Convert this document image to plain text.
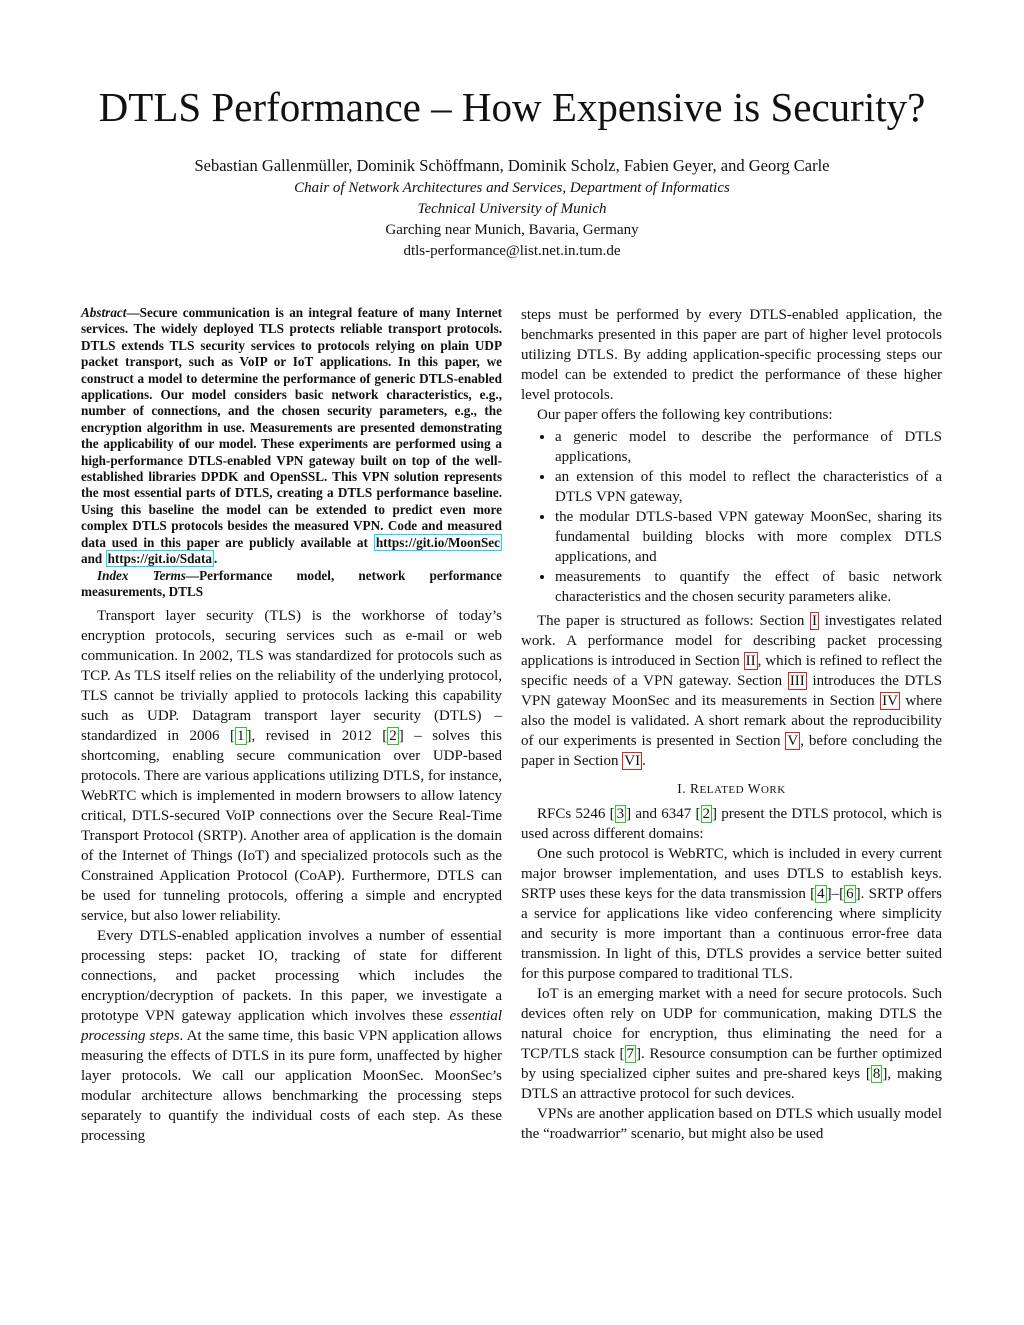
DTLS Performance – How Expensive is Security?
Sebastian Gallenmüller, Dominik Schöffmann, Dominik Scholz, Fabien Geyer, and Georg Carle
Chair of Network Architectures and Services, Department of Informatics
Technical University of Munich
Garching near Munich, Bavaria, Germany
dtls-performance@list.net.in.tum.de

Abstract—Secure communication is an integral feature of many Internet services. The widely deployed TLS protects reliable transport protocols. DTLS extends TLS security services to protocols relying on plain UDP packet transport, such as VoIP or IoT applications. In this paper, we construct a model to determine the performance of generic DTLS-enabled applications. Our model considers basic network characteristics, e.g., number of connections, and the chosen security parameters, e.g., the encryption algorithm in use. Measurements are presented demonstrating the applicability of our model. These experiments are performed using a high-performance DTLS-enabled VPN gateway built on top of the well-established libraries DPDK and OpenSSL. This VPN solution represents the most essential parts of DTLS, creating a DTLS performance baseline. Using this baseline the model can be extended to predict even more complex DTLS protocols besides the measured VPN. Code and measured data used in this paper are publicly available at https://git.io/MoonSec and https://git.io/Sdata .

Index Terms—Performance model, network performance measurements, DTLS

Transport layer security (TLS) is the workhorse of today’s encryption protocols, securing services such as e-mail or web communication. In 2002, TLS was standardized for protocols such as TCP. As TLS itself relies on the reliability of the underlying protocol, TLS cannot be trivially applied to protocols lacking this capability such as UDP. Datagram transport layer security (DTLS) – standardized in 2006 [ 1 ], revised in 2012 [ 2 ] – solves this shortcoming, enabling secure communication over UDP-based protocols. There are various applications utilizing DTLS, for instance, WebRTC which is implemented in modern browsers to allow latency critical, DTLS-secured VoIP connections over the Secure Real-Time Transport Protocol (SRTP). Another area of application is the domain of the Internet of Things (IoT) and specialized protocols such as the Constrained Application Protocol (CoAP). Furthermore, DTLS can be used for tunneling protocols, offering a simple and encrypted service, but also lower reliability.

Every DTLS-enabled application involves a number of essential processing steps: packet IO, tracking of state for different connections, and packet processing which includes the encryption/decryption of packets. In this paper, we investigate a prototype VPN gateway application which involves these essential processing steps. At the same time, this basic VPN application allows measuring the effects of DTLS in its pure form, unaffected by higher layer protocols. We call our application MoonSec. MoonSec’s modular architecture allows benchmarking the processing steps separately to quantify the individual costs of each step. As these processing

steps must be performed by every DTLS-enabled application, the benchmarks presented in this paper are part of higher level protocols utilizing DTLS. By adding application-specific processing steps our model can be extended to predict the performance of these higher level protocols.

Our paper offers the following key contributions:

• a generic model to describe the performance of DTLS applications,
• an extension of this model to reflect the characteristics of a DTLS VPN gateway,
• the modular DTLS-based VPN gateway MoonSec, sharing its fundamental building blocks with more complex DTLS applications, and
• measurements to quantify the effect of basic network characteristics and the chosen security parameters alike.

The paper is structured as follows: Section I investigates related work. A performance model for describing packet processing applications is introduced in Section II , which is refined to reflect the specific needs of a VPN gateway. Section III introduces the DTLS VPN gateway MoonSec and its measurements in Section IV where also the model is validated. A short remark about the reproducibility of our experiments is presented in Section V , before concluding the paper in Section VI .

I. RELATED WORK

RFCs 5246 [ 3 ] and 6347 [ 2 ] present the DTLS protocol, which is used across different domains:

One such protocol is WebRTC, which is included in every current major browser implementation, and uses DTLS to establish keys. SRTP uses these keys for the data transmission [ 4 ]–[ 6 ]. SRTP offers a service for applications like video conferencing where simplicity and security is more important than a continuous error-free data transmission. In light of this, DTLS provides a service better suited for this purpose compared to traditional TLS.

IoT is an emerging market with a need for secure protocols. Such devices often rely on UDP for communication, making DTLS the natural choice for encryption, thus eliminating the need for a TCP/TLS stack [ 7 ]. Resource consumption can be further optimized by using specialized cipher suites and pre-shared keys [ 8 ], making DTLS an attractive protocol for such devices.

VPNs are another application based on DTLS which usually model the “roadwarrior” scenario, but might also be used
